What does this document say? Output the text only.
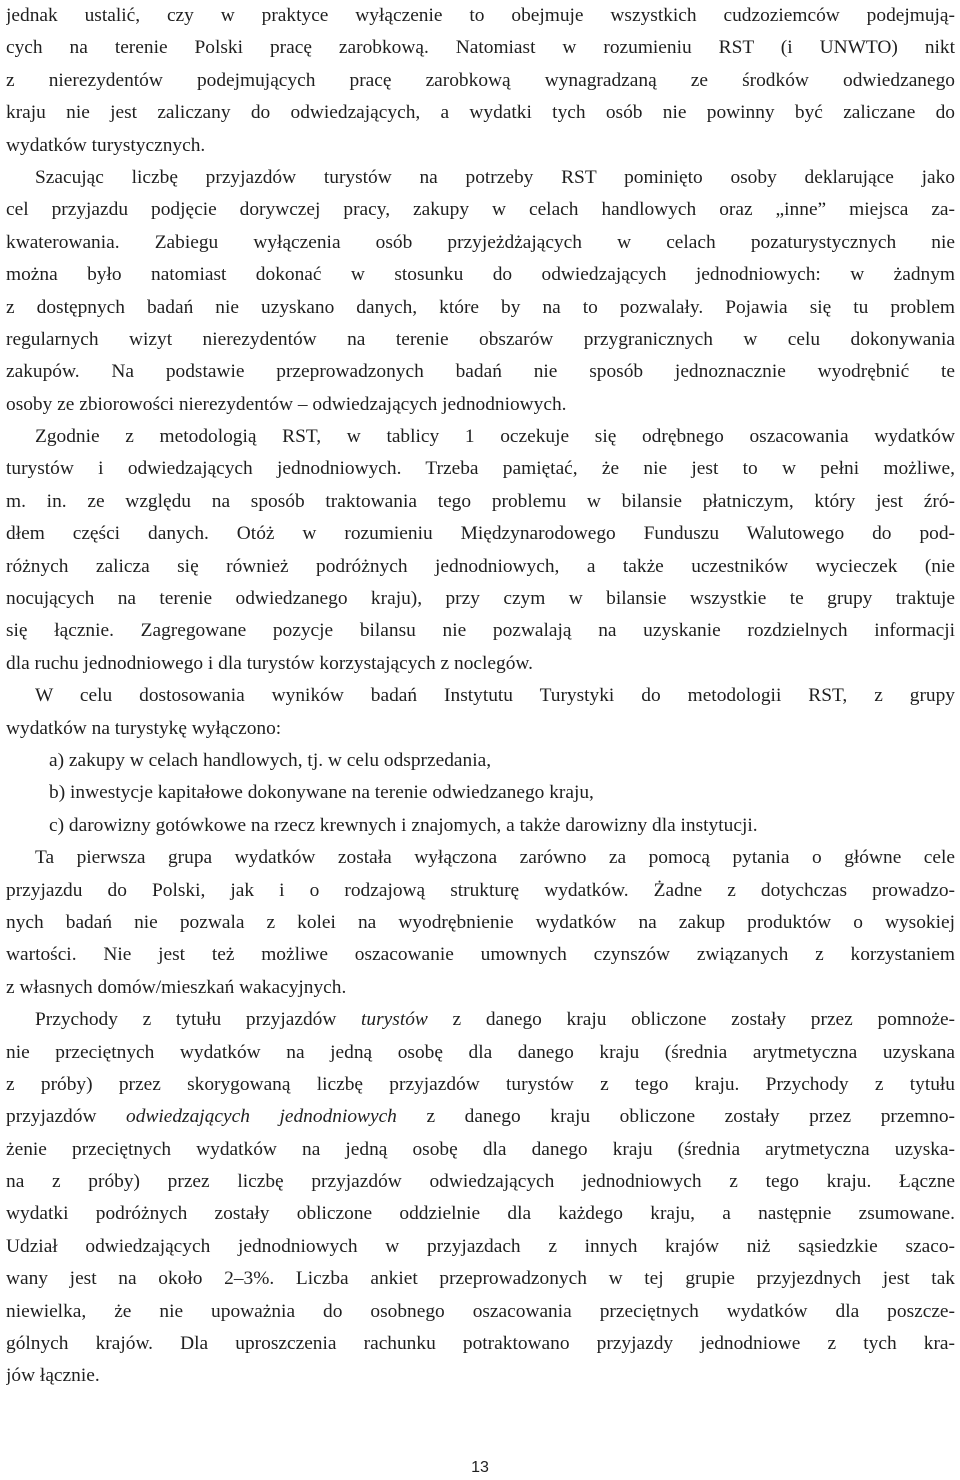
jednak ustalić, czy w praktyce wyłączenie to obejmuje wszystkich cudzoziemców podejmują-
cych na terenie Polski pracę zarobkową. Natomiast w rozumieniu RST (i UNWTO) nikt
z nierezydentów podejmujących pracę zarobkową wynagradzaną ze środków odwiedzanego
kraju nie jest zaliczany do odwiedzających, a wydatki tych osób nie powinny być zaliczane do
wydatków turystycznych.
Szacując liczbę przyjazdów turystów na potrzeby RST pominięto osoby deklarujące jako
cel przyjazdu podjęcie dorywczej pracy, zakupy w celach handlowych oraz „inne” miejsca za-
kwaterowania. Zabiegu wyłączenia osób przyjeżdżających w celach pozaturystycznych nie
można było natomiast dokonać w stosunku do odwiedzających jednodniowych: w żadnym
z dostępnych badań nie uzyskano danych, które by na to pozwalały. Pojawia się tu problem
regularnych wizyt nierezydentów na terenie obszarów przygranicznych w celu dokonywania
zakupów. Na podstawie przeprowadzonych badań nie sposób jednoznacznie wyodrębnić te
osoby ze zbiorowości nierezydentów – odwiedzających jednodniowych.
Zgodnie z metodologią RST, w tablicy 1 oczekuje się odrębnego oszacowania wydatków
turystów i odwiedzających jednodniowych. Trzeba pamiętać, że nie jest to w pełni możliwe,
m. in. ze względu na sposób traktowania tego problemu w bilansie płatniczym, który jest źró-
dłem części danych. Otóż w rozumieniu Międzynarodowego Funduszu Walutowego do pod-
różnych zalicza się również podróżnych jednodniowych, a także uczestników wycieczek (nie
nocujących na terenie odwiedzanego kraju), przy czym w bilansie wszystkie te grupy traktuje
się łącznie. Zagregowane pozycje bilansu nie pozwalają na uzyskanie rozdzielnych informacji
dla ruchu jednodniowego i dla turystów korzystających z noclegów.
W celu dostosowania wyników badań Instytutu Turystyki do metodologii RST, z grupy
wydatków na turystykę wyłączono:
a) zakupy w celach handlowych, tj. w celu odsprzedania,
b) inwestycje kapitałowe dokonywane na terenie odwiedzanego kraju,
c) darowizny gotówkowe na rzecz krewnych i znajomych, a także darowizny dla instytucji.
Ta pierwsza grupa wydatków została wyłączona zarówno za pomocą pytania o główne cele
przyjazdu do Polski, jak i o rodzajową strukturę wydatków. Żadne z dotychczas prowadzo-
nych badań nie pozwala z kolei na wyodrębnienie wydatków na zakup produktów o wysokiej
wartości. Nie jest też możliwe oszacowanie umownych czynszów związanych z korzystaniem
z własnych domów/mieszkań wakacyjnych.
Przychody z tytułu przyjazdów turystów z danego kraju obliczone zostały przez pomnoże-
nie przeciętnych wydatków na jedną osobę dla danego kraju (średnia arytmetyczna uzyskana
z próby) przez skorygowaną liczbę przyjazdów turystów z tego kraju. Przychody z tytułu
przyjazdów odwiedzających jednodniowych z danego kraju obliczone zostały przez przemno-
żenie przeciętnych wydatków na jedną osobę dla danego kraju (średnia arytmetyczna uzyska-
na z próby) przez liczbę przyjazdów odwiedzających jednodniowych z tego kraju. Łączne
wydatki podróżnych zostały obliczone oddzielnie dla każdego kraju, a następnie zsumowane.
Udział odwiedzających jednodniowych w przyjazdach z innych krajów niż sąsiedzkie szaco-
wany jest na około 2–3%. Liczba ankiet przeprowadzonych w tej grupie przyjezdnych jest tak
niewielka, że nie upoważnia do osobnego oszacowania przeciętnych wydatków dla poszcze-
gólnych krajów. Dla uproszczenia rachunku potraktowano przyjazdy jednodniowe z tych kra-
jów łącznie.
13
